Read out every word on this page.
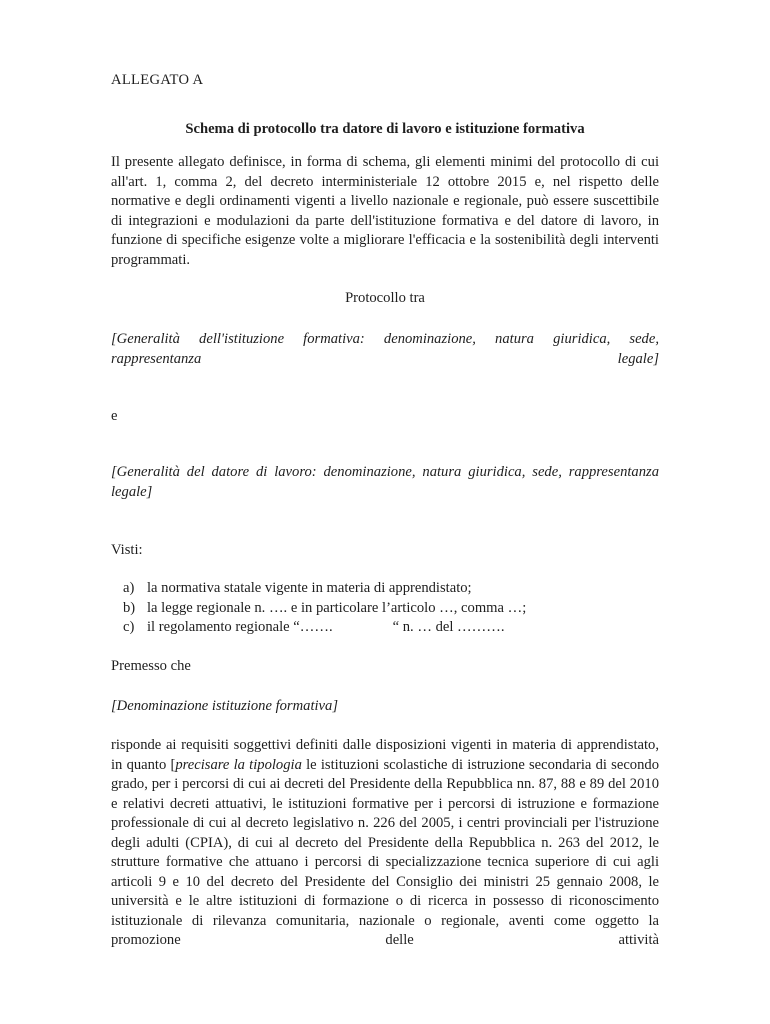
ALLEGATO A

Schema di protocollo tra datore di lavoro e istituzione formativa

Il presente allegato definisce, in forma di schema, gli elementi minimi del protocollo di cui all'art. 1, comma 2, del decreto interministeriale 12 ottobre 2015 e, nel rispetto delle normative e degli ordinamenti vigenti a livello nazionale e regionale, può essere suscettibile di integrazioni e modulazioni da parte dell'istituzione formativa e del datore di lavoro, in funzione di specifiche esigenze volte a migliorare l'efficacia e la sostenibilità degli interventi programmati.

Protocollo tra

[Generalità dell'istituzione formativa: denominazione, natura giuridica, sede, rappresentanza legale]

e

[Generalità del datore di lavoro: denominazione, natura giuridica, sede, rappresentanza legale]

Visti:

a) la normativa statale vigente in materia di apprendistato;
b) la legge regionale n. …. e in particolare l’articolo …, comma …;
c) il regolamento regionale “…….	“ n. … del ……….

Premesso che

[Denominazione istituzione formativa]

risponde ai requisiti soggettivi definiti dalle disposizioni vigenti in materia di apprendistato, in quanto [precisare la tipologia le istituzioni scolastiche di istruzione secondaria di secondo grado, per i percorsi di cui ai decreti del Presidente della Repubblica nn. 87, 88 e 89 del 2010 e relativi decreti attuativi, le istituzioni formative per i percorsi di istruzione e formazione professionale di cui al decreto legislativo n. 226 del 2005, i centri provinciali per l'istruzione degli adulti (CPIA), di cui al decreto del Presidente della Repubblica n. 263 del 2012, le strutture formative che attuano i percorsi di specializzazione tecnica superiore di cui agli articoli 9 e 10 del decreto del Presidente del Consiglio dei ministri 25 gennaio 2008, le università e le altre istituzioni di formazione o di ricerca in possesso di riconoscimento istituzionale di rilevanza comunitaria, nazionale o regionale, aventi come oggetto la promozione delle attività
